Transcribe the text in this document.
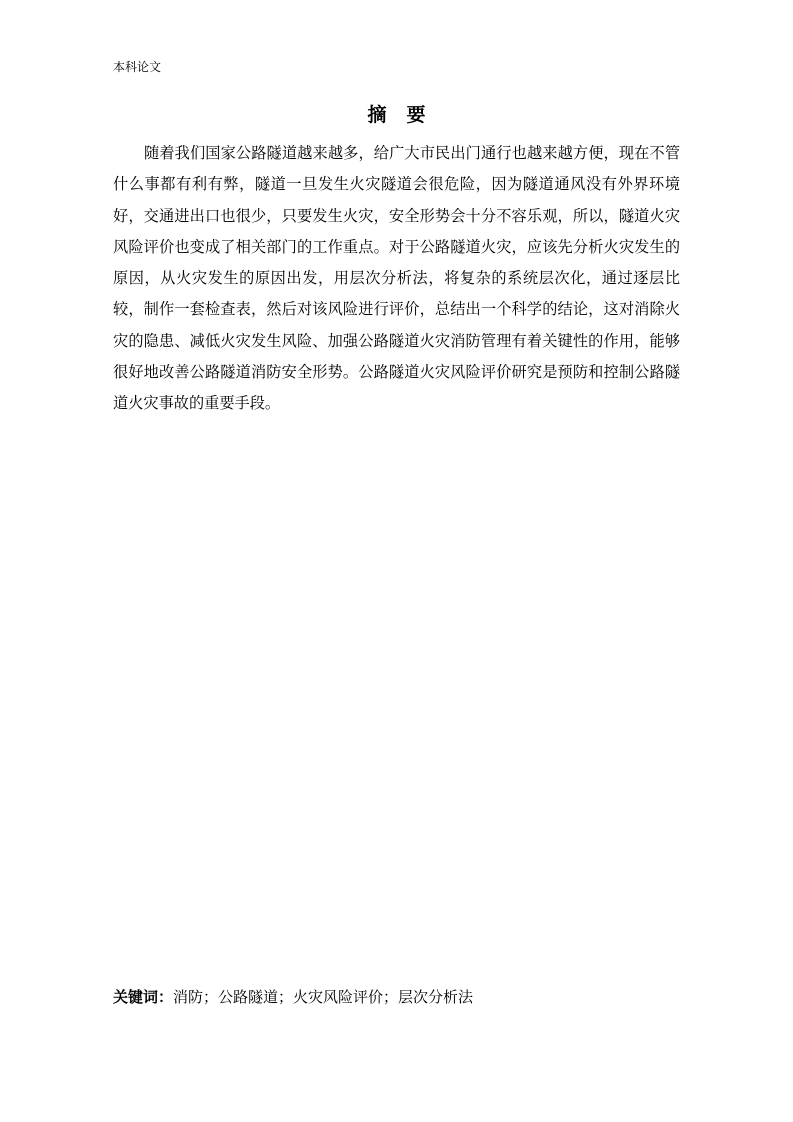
本科论文

摘 要

随着我们国家公路隧道越来越多，给广大市民出门通行也越来越方便，现在不管什么事都有利有弊，隧道一旦发生火灾隧道会很危险，因为隧道通风没有外界环境好，交通进出口也很少，只要发生火灾，安全形势会十分不容乐观，所以，隧道火灾风险评价也变成了相关部门的工作重点。对于公路隧道火灾，应该先分析火灾发生的原因，从火灾发生的原因出发，用层次分析法，将复杂的系统层次化，通过逐层比较，制作一套检查表，然后对该风险进行评价，总结出一个科学的结论，这对消除火灾的隐患、减低火灾发生风险、加强公路隧道火灾消防管理有着关键性的作用，能够很好地改善公路隧道消防安全形势。公路隧道火灾风险评价研究是预防和控制公路隧道火灾事故的重要手段。

关键词：消防；公路隧道；火灾风险评价；层次分析法
